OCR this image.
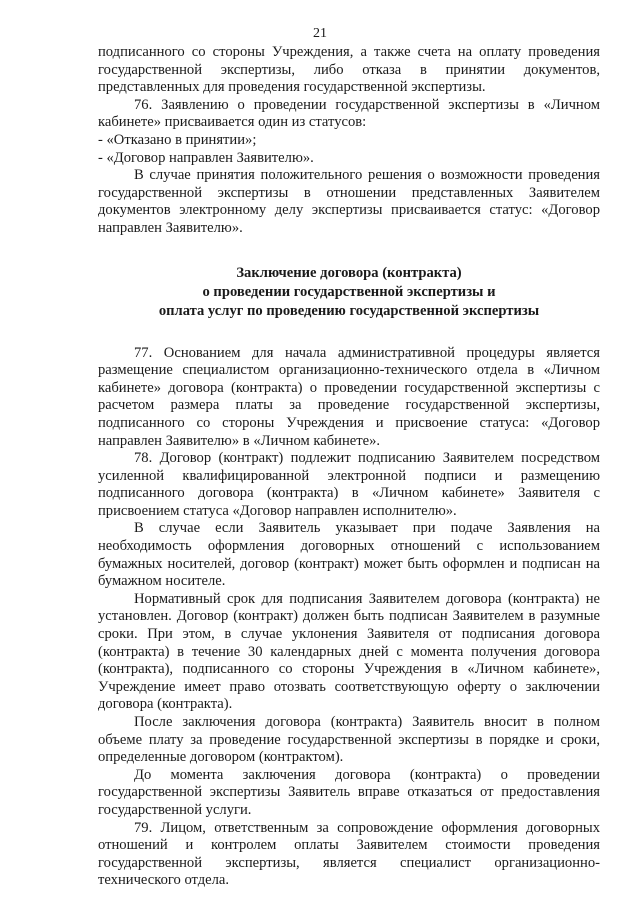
21

подписанного со стороны Учреждения, а также счета на оплату проведения государственной экспертизы, либо отказа в принятии документов, представленных для проведения государственной экспертизы.

76. Заявлению о проведении государственной экспертизы в «Личном кабинете» присваивается один из статусов:

- «Отказано в принятии»;

- «Договор направлен Заявителю».

В случае принятия положительного решения о возможности проведения государственной экспертизы в отношении представленных Заявителем документов электронному делу экспертизы присваивается статус: «Договор направлен Заявителю».

Заключение договора (контракта)
о проведении государственной экспертизы и
оплата услуг по проведению государственной экспертизы

77. Основанием для начала административной процедуры является размещение специалистом организационно-технического отдела в «Личном кабинете» договора (контракта) о проведении государственной экспертизы с расчетом размера платы за проведение государственной экспертизы, подписанного со стороны Учреждения и присвоение статуса: «Договор направлен Заявителю» в «Личном кабинете».

78. Договор (контракт) подлежит подписанию Заявителем посредством усиленной квалифицированной электронной подписи и размещению подписанного договора (контракта) в «Личном кабинете» Заявителя с присвоением статуса «Договор направлен исполнителю».

В случае если Заявитель указывает при подаче Заявления на необходимость оформления договорных отношений с использованием бумажных носителей, договор (контракт) может быть оформлен и подписан на бумажном носителе.

Нормативный срок для подписания Заявителем договора (контракта) не установлен. Договор (контракт) должен быть подписан Заявителем в разумные сроки. При этом, в случае уклонения Заявителя от подписания договора (контракта) в течение 30 календарных дней с момента получения договора (контракта), подписанного со стороны Учреждения в «Личном кабинете», Учреждение имеет право отозвать соответствующую оферту о заключении договора (контракта).

После заключения договора (контракта) Заявитель вносит в полном объеме плату за проведение государственной экспертизы в порядке и сроки, определенные договором (контрактом).

До момента заключения договора (контракта) о проведении государственной экспертизы Заявитель вправе отказаться от предоставления государственной услуги.

79. Лицом, ответственным за сопровождение оформления договорных отношений и контролем оплаты Заявителем стоимости проведения государственной экспертизы, является специалист организационно-технического отдела.
